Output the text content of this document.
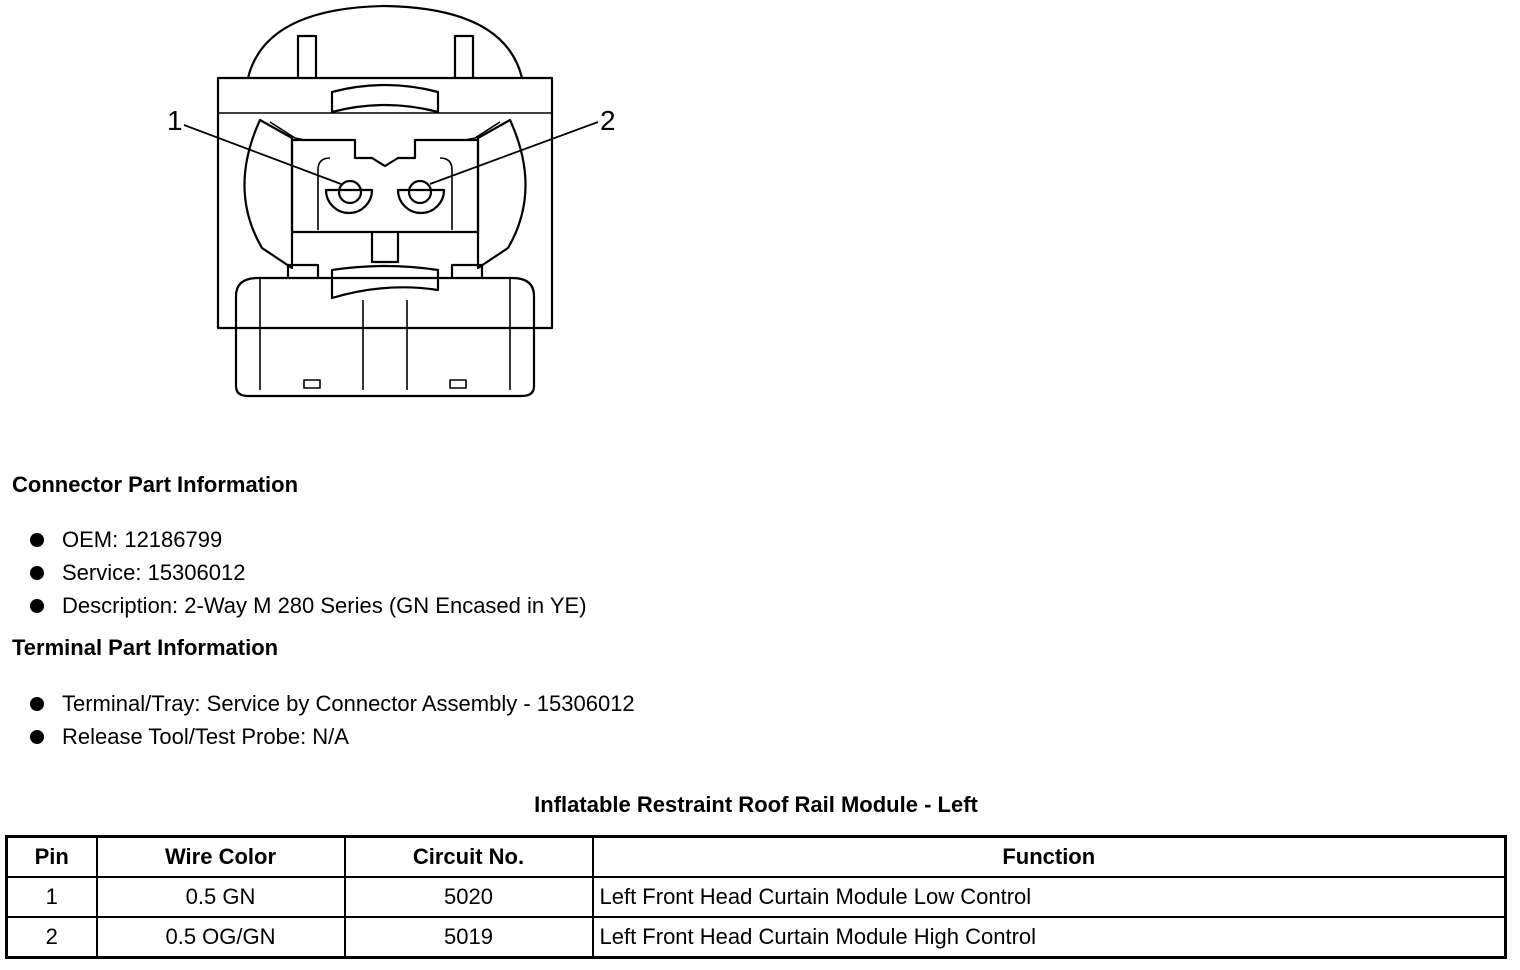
1	2
Connector Part Information
OEM: 12186799
Service: 15306012
Description: 2-Way M 280 Series (GN Encased in YE)
Terminal Part Information
Terminal/Tray: Service by Connector Assembly - 15306012
Release Tool/Test Probe: N/A
Inflatable Restraint Roof Rail Module - Left
Pin	Wire Color	Circuit No.	Function
1	0.5 GN	5020	Left Front Head Curtain Module Low Control
2	0.5 OG/GN	5019	Left Front Head Curtain Module High Control
